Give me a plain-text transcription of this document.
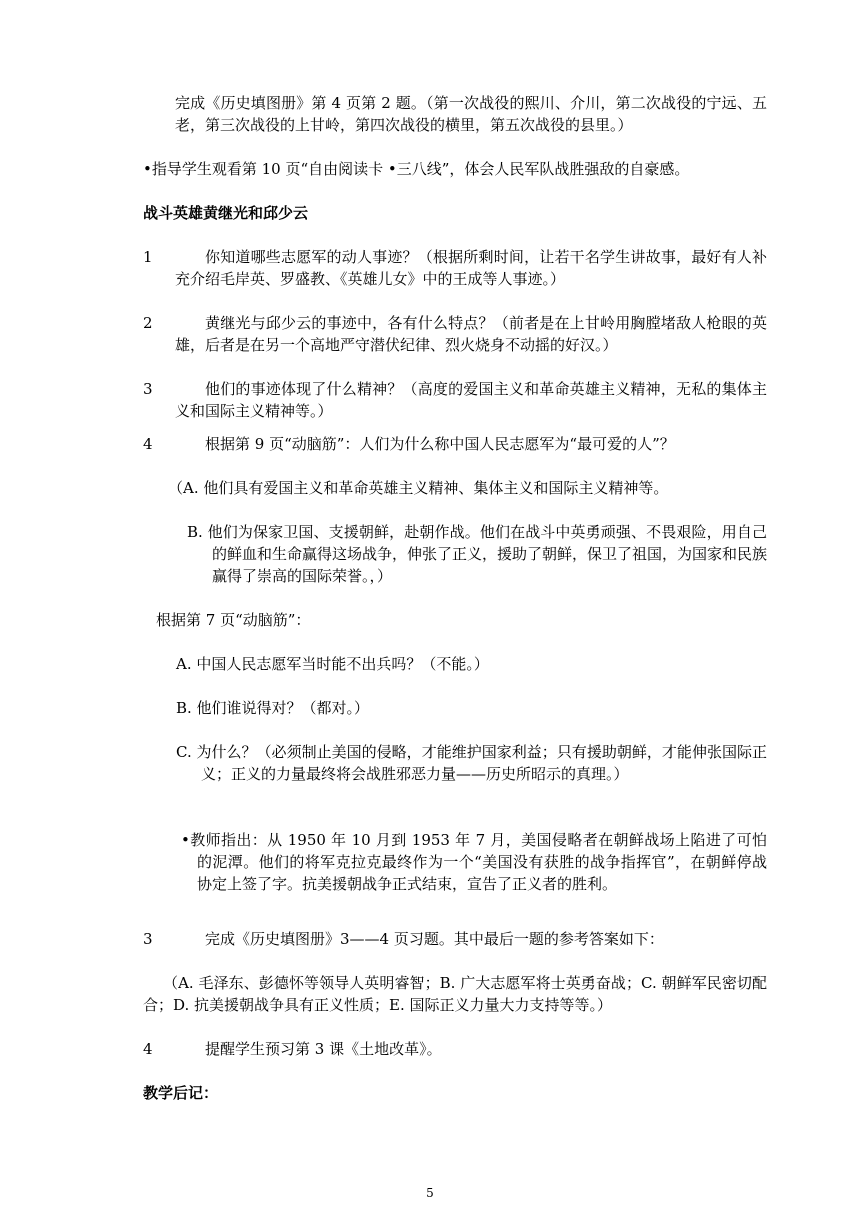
完成《历史填图册》第 4 页第 2 题。（第一次战役的熙川、介川，第二次战役的宁远、五老，第三次战役的上甘岭，第四次战役的横里，第五次战役的县里。）

•指导学生观看第 10 页“自由阅读卡 •三八线”，体会人民军队战胜强敌的自豪感。

战斗英雄黄继光和邱少云

1	你知道哪些志愿军的动人事迹？（根据所剩时间，让若干名学生讲故事，最好有人补充介绍毛岸英、罗盛教、《英雄儿女》中的王成等人事迹。）

2	黄继光与邱少云的事迹中，各有什么特点？（前者是在上甘岭用胸膛堵敌人枪眼的英雄，后者是在另一个高地严守潜伏纪律、烈火烧身不动摇的好汉。）

3	他们的事迹体现了什么精神？（高度的爱国主义和革命英雄主义精神，无私的集体主义和国际主义精神等。）

4	根据第 9 页“动脑筋”：人们为什么称中国人民志愿军为“最可爱的人”？

（A. 他们具有爱国主义和革命英雄主义精神、集体主义和国际主义精神等。

B. 他们为保家卫国、支援朝鲜，赴朝作战。他们在战斗中英勇顽强、不畏艰险，用自己的鲜血和生命赢得这场战争，伸张了正义，援助了朝鲜，保卫了祖国，为国家和民族赢得了崇高的国际荣誉。，）

根据第 7 页“动脑筋”：

A. 中国人民志愿军当时能不出兵吗？（不能。）

B. 他们谁说得对？（都对。）

C. 为什么？（必须制止美国的侵略，才能维护国家利益；只有援助朝鲜，才能伸张国际正义；正义的力量最终将会战胜邪恶力量——历史所昭示的真理。）

•教师指出：从 1950 年 10 月到 1953 年 7 月，美国侵略者在朝鲜战场上陷进了可怕的泥潭。他们的将军克拉克最终作为一个“美国没有获胜的战争指挥官”，在朝鲜停战协定上签了字。抗美援朝战争正式结束，宣告了正义者的胜利。

3	完成《历史填图册》3——4 页习题。其中最后一题的参考答案如下：

（A. 毛泽东、彭德怀等领导人英明睿智；B. 广大志愿军将士英勇奋战；C. 朝鲜军民密切配合；D. 抗美援朝战争具有正义性质；E. 国际正义力量大力支持等等。）

4	提醒学生预习第 3 课《土地改革》。

教学后记：

5
